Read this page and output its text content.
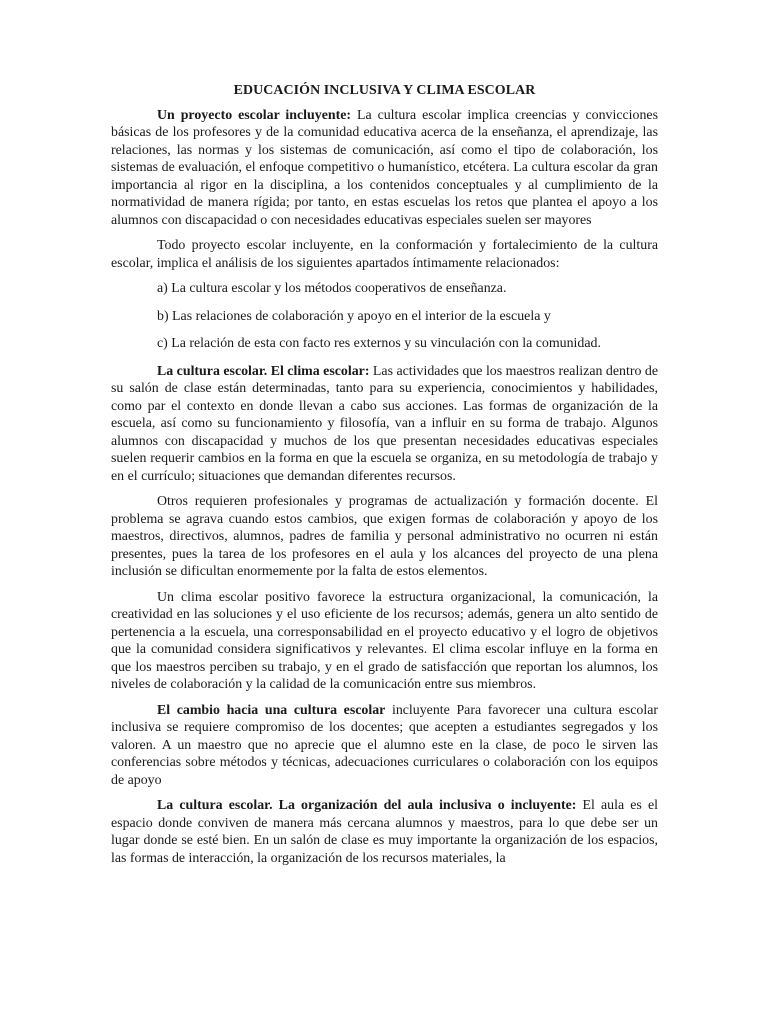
EDUCACIÓN INCLUSIVA Y CLIMA ESCOLAR

Un proyecto escolar incluyente: La cultura escolar implica creencias y convicciones básicas de los profesores y de la comunidad educativa acerca de la enseñanza, el aprendizaje, las relaciones, las normas y los sistemas de comunicación, así como el tipo de colaboración, los sistemas de evaluación, el enfoque competitivo o humanístico, etcétera. La cultura escolar da gran importancia al rigor en la disciplina, a los contenidos conceptuales y al cumplimiento de la normatividad de manera rígida; por tanto, en estas escuelas los retos que plantea el apoyo a los alumnos con discapacidad o con necesidades educativas especiales suelen ser mayores

Todo proyecto escolar incluyente, en la conformación y fortalecimiento de la cultura escolar, implica el análisis de los siguientes apartados íntimamente relacionados:

a) La cultura escolar y los métodos cooperativos de enseñanza.

b) Las relaciones de colaboración y apoyo en el interior de la escuela y

c) La relación de esta con facto res externos y su vinculación con la comunidad.

La cultura escolar. El clima escolar: Las actividades que los maestros realizan dentro de su salón de clase están determinadas, tanto para su experiencia, conocimientos y habilidades, como par el contexto en donde llevan a cabo sus acciones. Las formas de organización de la escuela, así como su funcionamiento y filosofía, van a influir en su forma de trabajo. Algunos alumnos con discapacidad y muchos de los que presentan necesidades educativas especiales suelen requerir cambios en la forma en que la escuela se organiza, en su metodología de trabajo y en el currículo; situaciones que demandan diferentes recursos.

Otros requieren profesionales y programas de actualización y formación docente. El problema se agrava cuando estos cambios, que exigen formas de colaboración y apoyo de los maestros, directivos, alumnos, padres de familia y personal administrativo no ocurren ni están presentes, pues la tarea de los profesores en el aula y los alcances del proyecto de una plena inclusión se dificultan enormemente por la falta de estos elementos.

Un clima escolar positivo favorece la estructura organizacional, la comunicación, la creatividad en las soluciones y el uso eficiente de los recursos; además, genera un alto sentido de pertenencia a la escuela, una corresponsabilidad en el proyecto educativo y el logro de objetivos que la comunidad considera significativos y relevantes. El clima escolar influye en la forma en que los maestros perciben su trabajo, y en el grado de satisfacción que reportan los alumnos, los niveles de colaboración y la calidad de la comunicación entre sus miembros.

El cambio hacia una cultura escolar incluyente Para favorecer una cultura escolar inclusiva se requiere compromiso de los docentes; que acepten a estudiantes segregados y los valoren. A un maestro que no aprecie que el alumno este en la clase, de poco le sirven las conferencias sobre métodos y técnicas, adecuaciones curriculares o colaboración con los equipos de apoyo

La cultura escolar. La organización del aula inclusiva o incluyente: El aula es el espacio donde conviven de manera más cercana alumnos y maestros, para lo que debe ser un lugar donde se esté bien. En un salón de clase es muy importante la organización de los espacios, las formas de interacción, la organización de los recursos materiales, la
